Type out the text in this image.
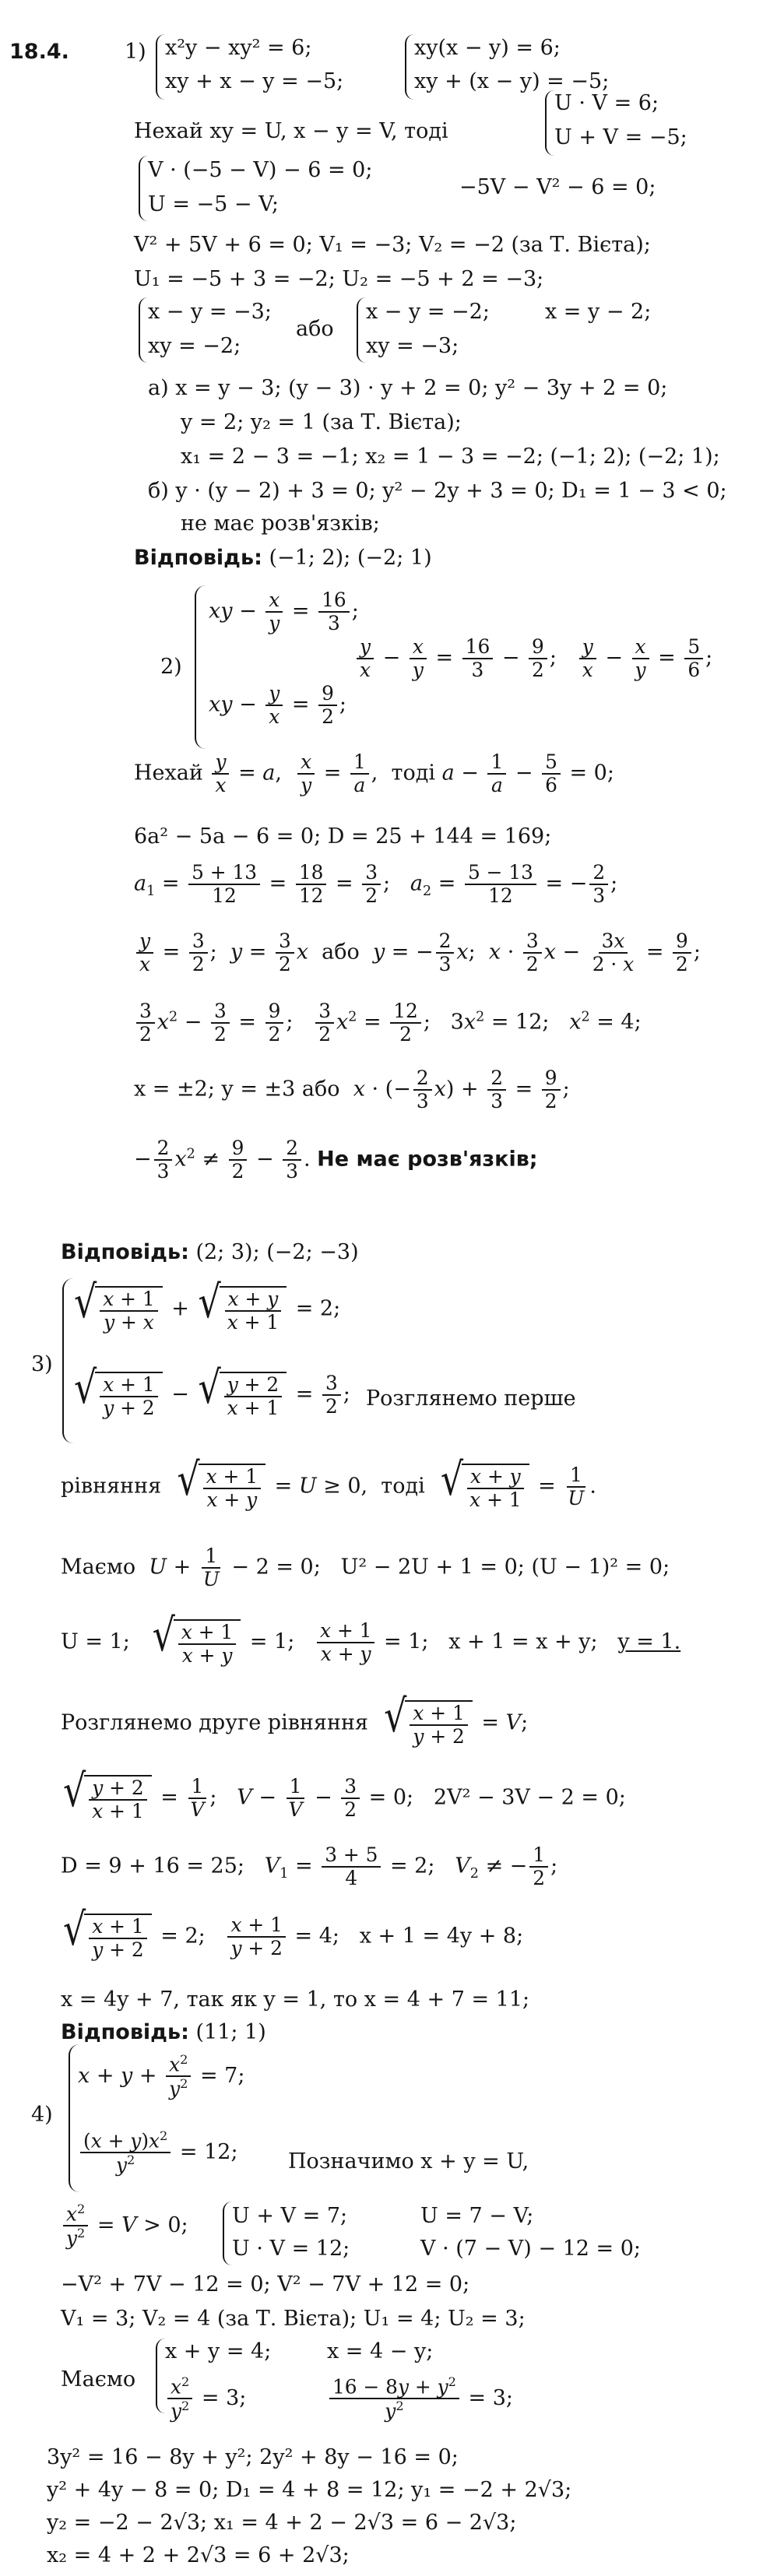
18.4.	1) x²y − xy² = 6;
xy + x − y = −5;
xy(x − y) = 6;
xy + (x − y) = −5;
Нехай xy = U, x − y = V, тоді
U · V = 6;
U + V = −5;
V · (−5 − V) − 6 = 0;
U = −5 − V;
−5V − V² − 6 = 0;
V² + 5V + 6 = 0; V₁ = −3; V₂ = −2 (за Т. Вієта);
U₁ = −5 + 3 = −2; U₂ = −5 + 2 = −3;
x − y = −3;
xy = −2;
або
x − y = −2;
xy = −3;
x = y − 2;
а) x = y − 3; (y − 3) · y + 2 = 0; y² − 3y + 2 = 0;
y = 2; y₂ = 1 (за Т. Вієта);
x₁ = 2 − 3 = −1; x₂ = 1 − 3 = −2; (−1; 2); (−2; 1);
б) y · (y − 2) + 3 = 0; y² − 2y + 3 = 0; D₁ = 1 − 3 < 0;
не має розв'язків;
Відповідь: (−1; 2); (−2; 1)
2)
xy − $\frac{x}{y} = \frac{16}{3}$ ;
xy − $\frac{y}{x} = \frac{9}{2}$ ;
$\frac{y}{x} - \frac{x}{y} = \frac{16}{3} - \frac{9}{2}$ ; $\frac{y}{x} - \frac{x}{y} = \frac{5}{6}$ ;
Нехай $\frac{y}{x} = a$, $\frac{x}{y} = \frac{1}{a}$ ,  тоді $a - \frac{1}{a} - \frac{5}{6} = 0$;
6a² − 5a − 6 = 0; D = 25 + 144 = 169;
$a_1 = \frac{5 + 13}{12} = \frac{18}{12} = \frac{3}{2}$ ;   $a_2 = \frac{5 - 13}{12}$ = − $\frac{2}{3}$ ;
$\frac{y}{x} = \frac{3}{2}$ ;  $y = \frac{3}{2}$ x або y = − $\frac{2}{3} x$;  $x \cdot \frac{3}{2}$ $x - \frac{3x}{2 \cdot x} = \frac{9}{2}$ ;
$\frac{3}{2} x^2 - \frac{3}{2} = \frac{9}{2}$ ; $\frac{3}{2} x^2 = \frac{12}{2}$ ;   $3x^2 = 12$;   $x^2 = 4$;
x = ±2; y = ±3 або x · (− $\frac{2}{3} x) + \frac{2}{3} = \frac{9}{2}$ ;
− $\frac{2}{3} x^2 \ne \frac{9}{2} - \frac{2}{3}$ . Не має розв'язків;
Відповідь: (2; 3); (−2; −3)
3)
√ x + 1
y + x
+ √ x + y
x + 1
= 2;
√ x + 1
y + 2
− √ y + 2
x + 1
= $\frac{3}{2}$ ; Розглянемо перше
рівняння √ x + 1
x + y
= U ≥ 0,  тоді √ x + y
x + 1
= $\frac{1}{U}$ .
Маємо $U + \frac{1}{U} - 2 = 0$;   U² − 2U + 1 = 0; (U − 1)² = 0;
U = 1; √ x + 1
x + y
= 1; $\frac{x + 1}{x + y} = 1$;   x + 1 = x + y; y = 1.
Розглянемо друге рівняння √ x + 1
y + 2
= V;
√ y + 2
x + 1
= $\frac{1}{V}$ ;   $V - \frac{1}{V} - \frac{3}{2} = 0$;   2V² − 3V − 2 = 0;
D = 9 + 16 = 25; $V_1 = \frac{3 + 5}{4} = 2$;   $V_2$ ≠ − $\frac{1}{2}$ ;
√ x + 1
y + 2
= 2; $\frac{x + 1}{y + 2} = 4$;   x + 1 = 4y + 8;
x = 4y + 7, так як y = 1, то x = 4 + 7 = 11;
Відповідь: (11; 1)
4)
$x + y + \frac{x^2}{y^2} = 7$;
$\frac{(x + y)x^2}{y^2} = 12$; Позначимо x + y = U,
$\frac{x^2}{y^2} = V > 0$; U + V = 7;
U · V = 12;
U = 7 − V;
V · (7 − V) − 12 = 0;
−V² + 7V − 12 = 0; V² − 7V + 12 = 0;
V₁ = 3; V₂ = 4 (за Т. Вієта); U₁ = 4; U₂ = 3;
Маємо
x + y = 4;
$\frac{x^2}{y^2} = 3$;
x = 4 − y;
$\frac{16 - 8y + y^2}{y^2} = 3$;
3y² = 16 − 8y + y²; 2y² + 8y − 16 = 0;
y² + 4y − 8 = 0; D₁ = 4 + 8 = 12; y₁ = −2 + 2√3;
y₂ = −2 − 2√3; x₁ = 4 + 2 − 2√3 = 6 − 2√3;
x₂ = 4 + 2 + 2√3 = 6 + 2√3;
